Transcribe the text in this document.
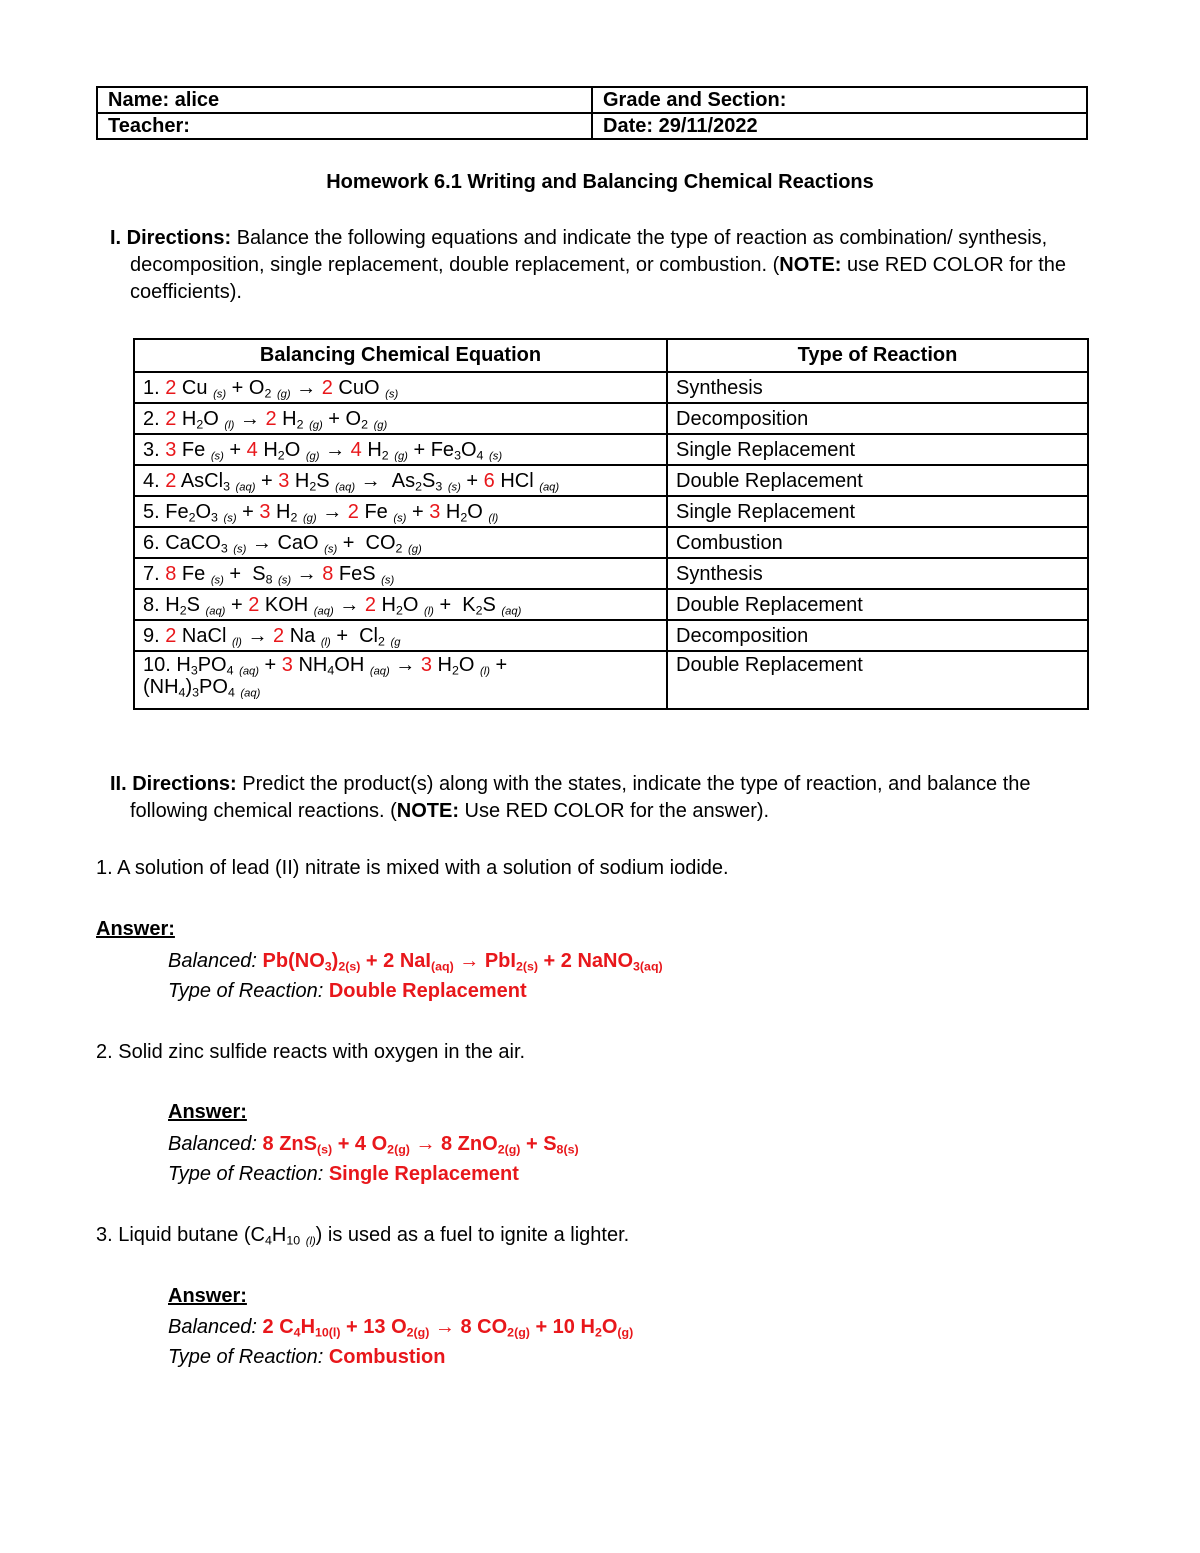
Name: alice	Grade and Section:
Teacher:	Date: 29/11/2022
Homework 6.1 Writing and Balancing Chemical Reactions
I. Directions: Balance the following equations and indicate the type of reaction as combination/ synthesis, decomposition, single replacement, double replacement, or combustion. (NOTE: use RED COLOR for the coefficients).
Balancing Chemical Equation	Type of Reaction
1. 2 Cu $(s) + O_2$ (g) → 2 CuO (s)	Synthesis
2. 2 $H_2O$ (l) → 2 $H_2$ $(g) + O_2$ (g)	Decomposition
3. 3 Fe (s) + 4 $H_2O$ (g) → 4 $H_2$ $(g) + Fe_3O_4$ (s)	Single Replacement
4. 2 AsCl$_3$ (aq) + 3 $H_2S$ $(aq) \to As_2S_3$ (s) + 6 HCl (aq)	Double Replacement
5. $Fe_2O_3$ (s) + 3 $H_2$ (g) → 2 Fe (s) + 3 $H_2O$ (l)	Single Replacement
6. CaCO$_3$ (s) → CaO $(s) + CO_2$ (g)	Combustion
7. 8 Fe $(s) + S_8$ (s) → 8 FeS (s)	Synthesis
8. $H_2S$ (aq) + 2 KOH (aq) → 2 $H_2O$ $(l) + K_2S$ (aq)	Double Replacement
9. 2 NaCl (l) → 2 Na $(l) + Cl_2$ (g	Decomposition
10. $H_3PO_4$ (aq) + 3 $NH_4OH$ (aq) → 3 $H_2O$ (l) +
$(NH_4)_3PO_4$ (aq)	Double Replacement
II. Directions: Predict the product(s) along with the states, indicate the type of reaction, and balance the following chemical reactions. (NOTE: Use RED COLOR for the answer).
1. A solution of lead (II) nitrate is mixed with a solution of sodium iodide.
Answer:
Balanced: $Pb(NO_3)_{2(s)} + 2$ NaI$_{(aq)}$ → PbI$_{2(s)}$ + 2 NaNO$_{3(aq)}$
Type of Reaction: Double Replacement
2. Solid zinc sulfide reacts with oxygen in the air.
Answer:
Balanced: 8 ZnS$_{(s)}$ + 4 $O_{2(g)} \to 8$ $ZnO_{2(g)} + S_{8(s)}$
Type of Reaction: Single Replacement
3. Liquid butane ($C_4H_{10}$ (l)) is used as a fuel to ignite a lighter.
Answer:
Balanced: 2 $C_4H_{10(l)} + 13$ $O_{2(g)} \to 8$ $CO_{2(g)} + 10$ $H_2O_{(g)}$
Type of Reaction: Combustion
